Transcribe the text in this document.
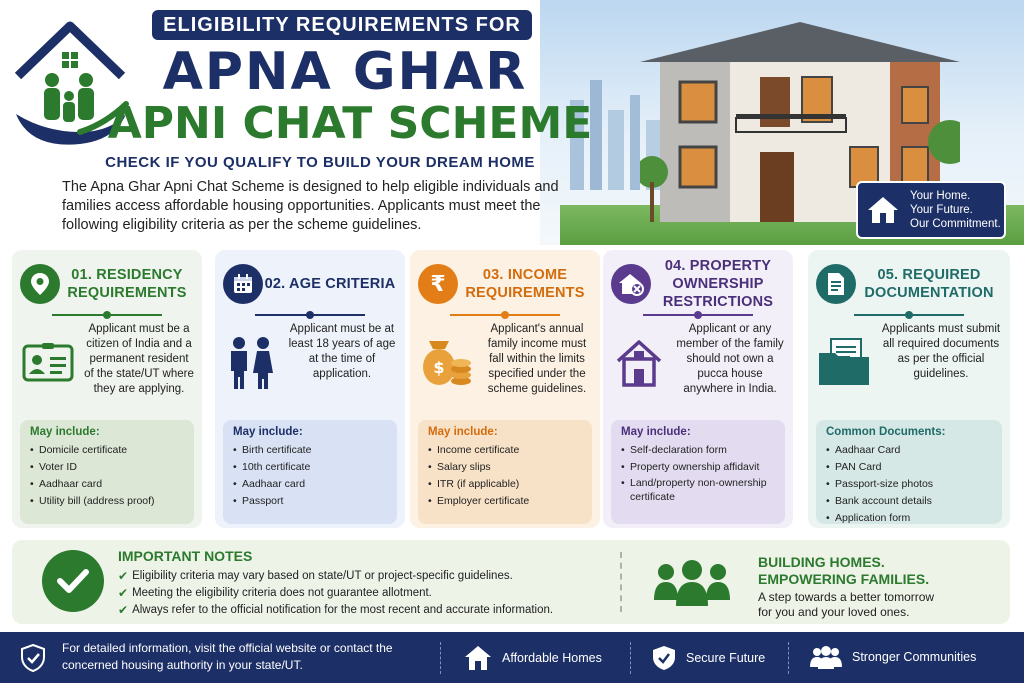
ELIGIBILITY REQUIREMENTS FOR
APNA GHAR
APNI CHAT SCHEME
CHECK IF YOU QUALIFY TO BUILD YOUR DREAM HOME
The Apna Ghar Apni Chat Scheme is designed to help eligible individuals and families access affordable housing opportunities. Applicants must meet the following eligibility criteria as per the scheme guidelines.
Your Home.
Your Future.
Our Commitment.
01. RESIDENCY REQUIREMENTS
Applicant must be a citizen of India and a permanent resident of the state/UT where they are applying.
May include:
• Domicile certificate
• Voter ID
• Aadhaar card
• Utility bill (address proof)
02. AGE CRITERIA
Applicant must be at least 18 years of age at the time of application.
May include:
• Birth certificate
• 10th certificate
• Aadhaar card
• Passport
₹	03. INCOME REQUIREMENTS
$
Applicant's annual family income must fall within the limits specified under the scheme guidelines.
May include:
• Income certificate
• Salary slips
• ITR (if applicable)
• Employer certificate
04. PROPERTY OWNERSHIP RESTRICTIONS
Applicant or any member of the family should not own a pucca house anywhere in India.
May include:
• Self-declaration form
• Property ownership affidavit
• Land/property non-ownership certificate
05. REQUIRED DOCUMENTATION
Applicants must submit all required documents as per the official guidelines.
Common Documents:
• Aadhaar Card
• PAN Card
• Passport-size photos
• Bank account details
• Application form
IMPORTANT NOTES
✔ Eligibility criteria may vary based on state/UT or project-specific guidelines.
✔ Meeting the eligibility criteria does not guarantee allotment.
✔ Always refer to the official notification for the most recent and accurate information.
BUILDING HOMES.
EMPOWERING FAMILIES.
A step towards a better tomorrow
for you and your loved ones.
For detailed information, visit the official website or contact the concerned housing authority in your state/UT.	Affordable Homes	Secure Future	Stronger Communities
